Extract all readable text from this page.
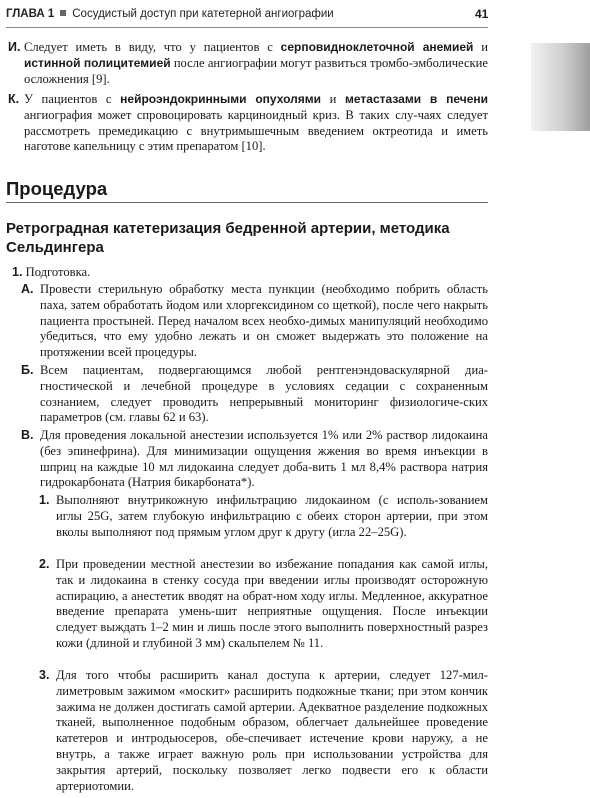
ГЛАВА 1 Сосудистый доступ при катетерной ангиографии	41
И. Следует иметь в виду, что у пациентов с серповидноклеточной анемией и истинной полицитемией после ангиографии могут развиться тромбо-эмболические осложнения [9].
К. У пациентов с нейроэндокринными опухолями и метастазами в печени ангиография может спровоцировать карциноидный криз. В таких слу-чаях следует рассмотреть премедикацию с внутримышечным введением октреотида и иметь наготове капельницу с этим препаратом [10].
Процедура
Ретроградная катетеризация бедренной артерии, методика Сельдингера
1. Подготовка.
А. Провести стерильную обработку места пункции (необходимо побрить область паха, затем обработать йодом или хлоргексидином со щеткой), после чего накрыть пациента простыней. Перед началом всех необхо-димых манипуляций необходимо убедиться, что ему удобно лежать и он сможет выдержать это положение на протяжении всей процедуры.
Б. Всем пациентам, подвергающимся любой рентгенэндоваскулярной диа-гностической и лечебной процедуре в условиях седации с сохраненным сознанием, следует проводить непрерывный мониторинг физиологиче-ских параметров (см. главы 62 и 63).
В. Для проведения локальной анестезии используется 1% или 2% раствор лидокаина (без эпинефрина). Для минимизации ощущения жжения во время инъекции в шприц на каждые 10 мл лидокаина следует доба-вить 1 мл 8,4% раствора натрия гидрокарбоната (Натрия бикарбоната*).
1. Выполняют внутрикожную инфильтрацию лидокаином (с исполь-зованием иглы 25G, затем глубокую инфильтрацию с обеих сторон артерии, при этом вколы выполняют под прямым углом друг к другу (игла 22–25G).
2. При проведении местной анестезии во избежание попадания как самой иглы, так и лидокаина в стенку сосуда при введении иглы производят осторожную аспирацию, а анестетик вводят на обрат-ном ходу иглы. Медленное, аккуратное введение препарата умень-шит неприятные ощущения. После инъекции следует выждать 1–2 мин и лишь после этого выполнить поверхностный разрез кожи (длиной и глубиной 3 мм) скальпелем № 11.
3. Для того чтобы расширить канал доступа к артерии, следует 127-мил-лиметровым зажимом «москит» расширить подкожные ткани; при этом кончик зажима не должен достигать самой артерии. Адекватное разделение подкожных тканей, выполненное подобным образом, облегчает дальнейшее проведение катетеров и интродьюсеров, обе-спечивает истечение крови наружу, а не внутрь, а также играет важную роль при использовании устройства для закрытия артерий, поскольку позволяет легко подвести его к области артериотомии.
